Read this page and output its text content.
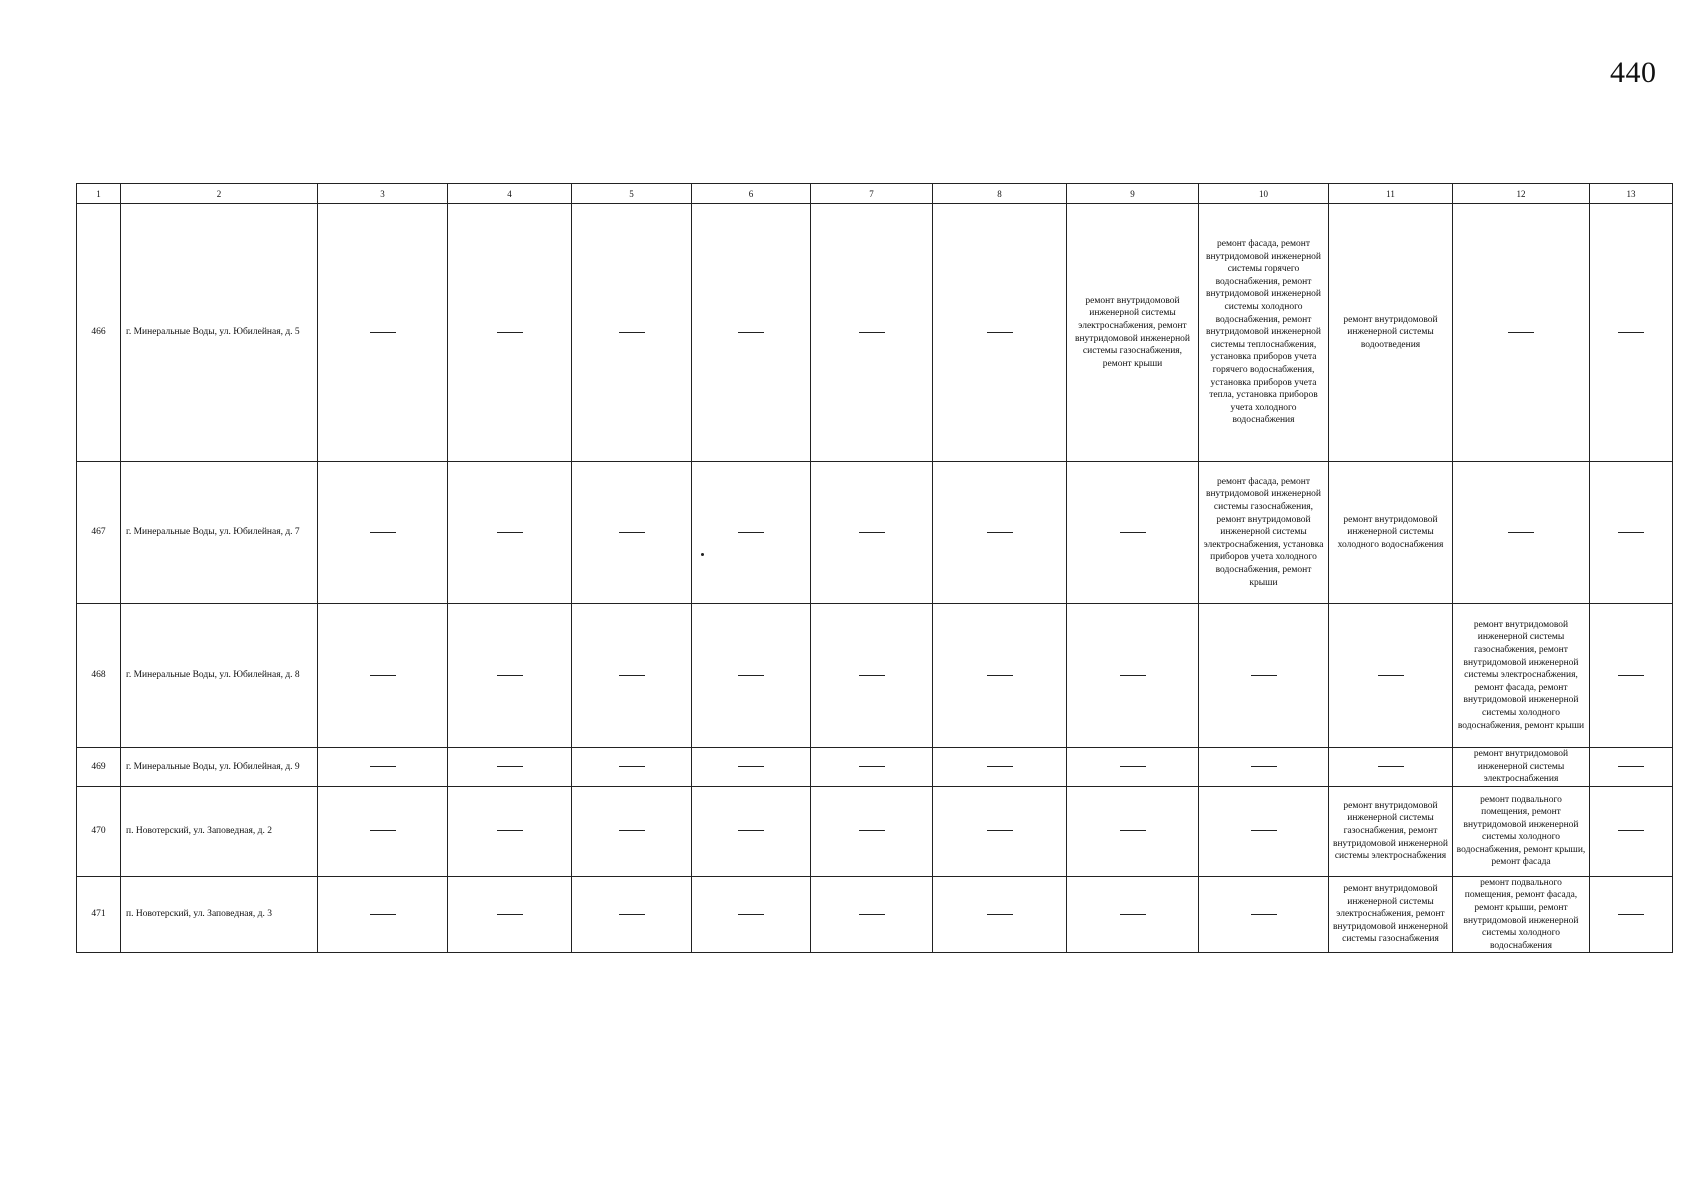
440
1	2	3	4	5	6	7	8	9	10	11	12	13
466	г. Минеральные Воды, ул. Юбилейная, д. 5							ремонт внутридомовой инженерной системы электроснабжения, ремонт внутридомовой инженерной системы газоснабжения, ремонт крыши	ремонт фасада, ремонт внутридомовой инженерной системы горячего водоснабжения, ремонт внутридомовой инженерной системы холодного водоснабжения, ремонт внутридомовой инженерной системы теплоснабжения, установка приборов учета горячего водоснабжения, установка приборов учета тепла, установка приборов учета холодного водоснабжения	ремонт внутридомовой инженерной системы водоотведения		
467	г. Минеральные Воды, ул. Юбилейная, д. 7								ремонт фасада, ремонт внутридомовой инженерной системы газоснабжения, ремонт внутридомовой инженерной системы электроснабжения, установка приборов учета холодного водоснабжения, ремонт крыши	ремонт внутридомовой инженерной системы холодного водоснабжения		
468	г. Минеральные Воды, ул. Юбилейная, д. 8										ремонт внутридомовой инженерной системы газоснабжения, ремонт внутридомовой инженерной системы электроснабжения, ремонт фасада, ремонт внутридомовой инженерной системы холодного водоснабжения, ремонт крыши	
469	г. Минеральные Воды, ул. Юбилейная, д. 9										ремонт внутридомовой инженерной системы электроснабжения	
470	п. Новотерский, ул. Заповедная, д. 2									ремонт внутридомовой инженерной системы газоснабжения, ремонт внутридомовой инженерной системы электроснабжения	ремонт подвального помещения, ремонт внутридомовой инженерной системы холодного водоснабжения, ремонт крыши, ремонт фасада	
471	п. Новотерский, ул. Заповедная, д. 3									ремонт внутридомовой инженерной системы электроснабжения, ремонт внутридомовой инженерной системы газоснабжения	ремонт подвального помещения, ремонт фасада, ремонт крыши, ремонт внутридомовой инженерной системы холодного водоснабжения	
